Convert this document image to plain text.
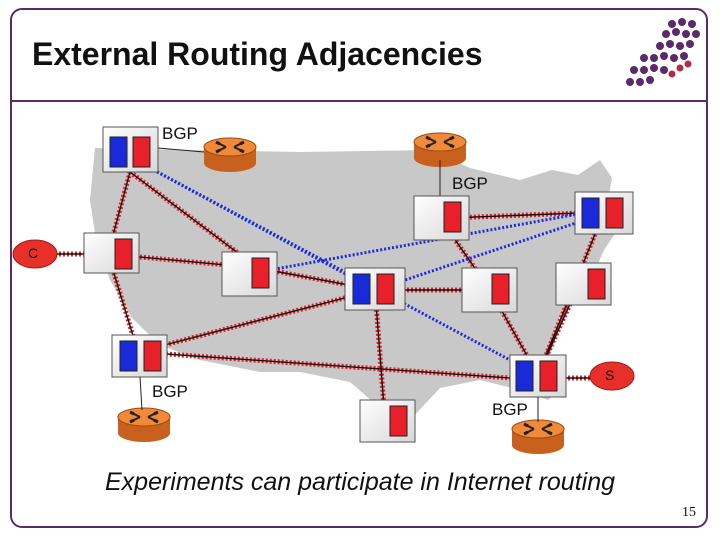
External Routing Adjacencies
BGP
BGP
BGP
BGP
C
S
Experiments can participate in Internet routing
15
